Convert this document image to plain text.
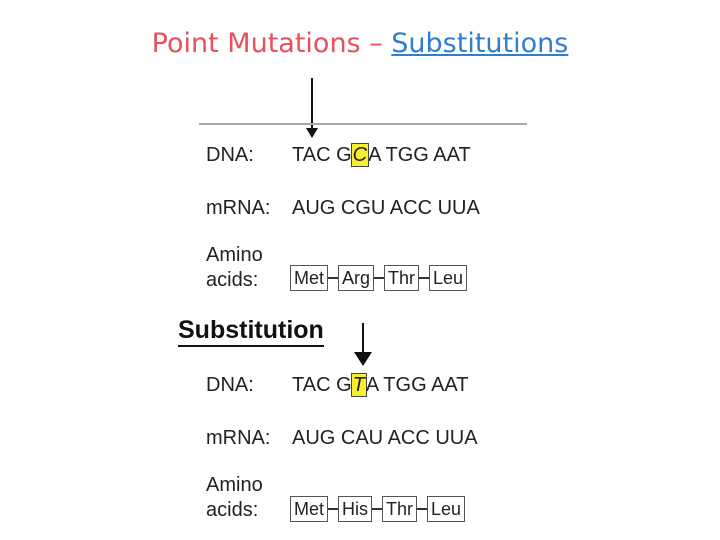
Point Mutations – Substitutions
DNA: TAC GCA TGG AAT
mRNA: AUG CGU ACC UUA
Amino
acids: Met Arg Thr Leu
Substitution
DNA: TAC GTA TGG AAT
mRNA: AUG CAU ACC UUA
Amino
acids: Met His Thr Leu
